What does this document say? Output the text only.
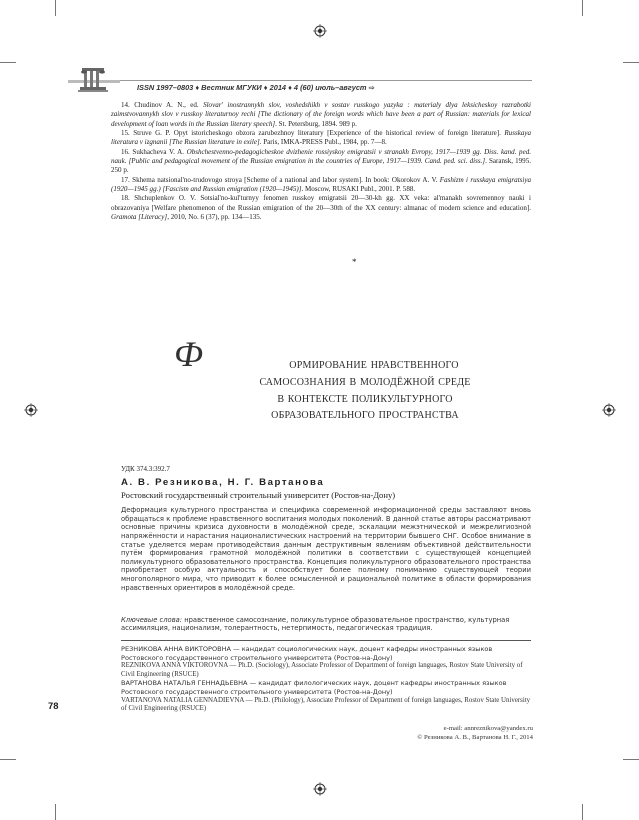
ISSN 1997–0803 ♦ Вестник МГУКИ ♦ 2014 ♦ 4 (60) июль–август ⇨

14. Chudinov A. N., ed. Slovar' inostrannykh slov, voshedshikh v sostav russkogo yazyka : materialy dlya leksicheskoy razrabotki zaimstvovannykh slov v russkoy literaturnoy rechi [The dictionary of the foreign words which have been a part of Russian: materials for lexical development of loan words in the Russian literary speech]. St. Petersburg, 1894. 989 p.

15. Struve G. P. Opyt istoricheskogo obzora zarubezhnoy literatury [Experience of the historical review of foreign literature]. Russkaya literatura v izgnanii [The Russian literature in exile]. Paris, IMKA-PRESS Publ., 1984, pp. 7—8.

16. Sukhacheva V. A. Obshchestvenno-pedagogicheskoe dvizhenie rossiyskoy emigratsii v stranakh Evropy, 1917—1939 gg. Diss. kand. ped. nauk. [Public and pedagogical movement of the Russian emigration in the countries of Europe, 1917—1939. Cand. ped. sci. diss.]. Saransk, 1995. 250 p.

17. Skhema natsional'no-trudovogo stroya [Scheme of a national and labor system]. In book: Okorokov A. V. Fashizm i russkaya emigratsiya (1920—1945 gg.) [Fascism and Russian emigration (1920—1945)]. Moscow, RUSAKI Publ., 2001. P. 588.

18. Shchuplenkov O. V. Sotsial'no-kul'turnyy fenomen russkoy emigratsii 20—30-kh gg. XX veka: al'manakh sovremennoy nauki i obrazovaniya [Welfare phenomenon of the Russian emigration of the 20—30th of the XX century: almanac of modern science and education]. Gramota [Literacy], 2010, No. 6 (37), pp. 134—135.

*
Ф	ормирование нравственного
самосознания в молодёжной среде
в контексте поликультурного
образовательного пространства
УДК 374.3:392.7
А. В. Резникова, Н. Г. Вартанова
Ростовский государственный строительный университет (Ростов-на-Дону)
Деформация культурного пространства и специфика современной информационной среды заставляют вновь обращаться к проблеме нравственного воспитания молодых поколений. В данной статье авторы рассматривают основные причины кризиса духовности в молодёжной среде, эскалации межэтнической и межрелигиозной напряжённости и нарастания националистических настроений на территории бывшего СНГ. Особое внимание в статье уделяется мерам противодействия данным деструктивным явлениям объективной действительности путём формирования грамотной молодёжной политики в соответствии с существующей концепцией поликультурного образовательного пространства. Концепция поликультурного образовательного пространства приобретает особую актуальность и способствует более полному пониманию существующей теории многополярного мира, что приводит к более осмысленной и рациональной политике в области формирования нравственных ориентиров в молодёжной среде.
Ключевые слова: нравственное самосознание, поликультурное образовательное пространство, культурная ассимиляция, национализм, толерантность, нетерпимость, педагогическая традиция.
РЕЗНИКОВА АННА ВИКТОРОВНА — кандидат социологических наук, доцент кафедры иностранных языков Ростовского государственного строительного университета (Ростов-на-Дону)
REZNIKOVA ANNA VIKTOROVNA — Ph.D. (Sociology), Associate Professor of Department of foreign languages, Rostov State University of Civil Engineering (RSUCE)
ВАРТАНОВА НАТАЛЬЯ ГЕННАДЬЕВНА — кандидат филологических наук, доцент кафедры иностранных языков Ростовского государственного строительного университета (Ростов-на-Дону)
VARTANOVA NATALIA GENNADIEVNA — Ph.D. (Philology), Associate Professor of Department of foreign languages, Rostov State University of Civil Engineering (RSUCE)
e-mail: annreznikova@yandex.ru
© Резникова А. В., Вартанова Н. Г., 2014
78
